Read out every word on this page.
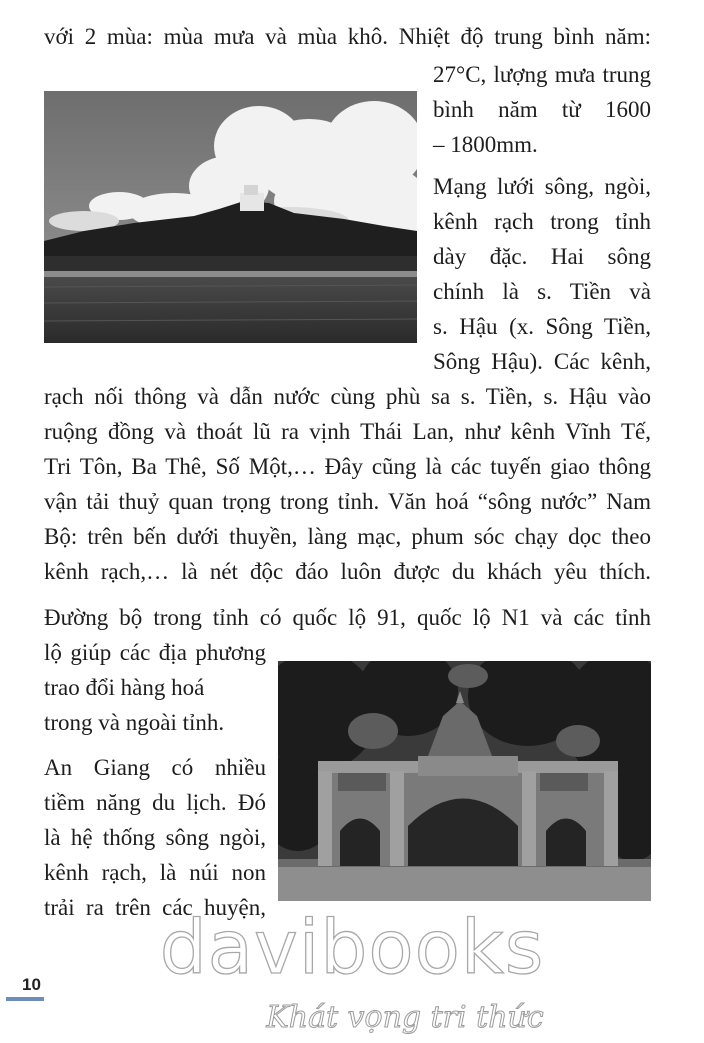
với 2 mùa: mùa mưa và mùa khô. Nhiệt độ trung bình năm:
27°C, lượng mưa trung
bình năm từ 1600
– 1800mm.
Mạng lưới sông, ngòi,
kênh rạch trong tỉnh
dày đặc. Hai sông
chính là s. Tiền và
s. Hậu (x. Sông Tiền,
Sông Hậu). Các kênh,
rạch nối thông và dẫn nước cùng phù sa s. Tiền, s. Hậu vào
ruộng đồng và thoát lũ ra vịnh Thái Lan, như kênh Vĩnh Tế,
Tri Tôn, Ba Thê, Số Một,… Đây cũng là các tuyến giao thông
vận tải thuỷ quan trọng trong tỉnh. Văn hoá “sông nước” Nam
Bộ: trên bến dưới thuyền, làng mạc, phum sóc chạy dọc theo
kênh rạch,… là nét độc đáo luôn được du khách yêu thích.
Đường bộ trong tỉnh có quốc lộ 91, quốc lộ N1 và các tỉnh
lộ giúp các địa phương
trao đổi hàng hoá
trong và ngoài tỉnh.
An Giang có nhiều
tiềm năng du lịch. Đó
là hệ thống sông ngòi,
kênh rạch, là núi non
trải ra trên các huyện,
10 davibooks
Khát vọng tri thức
